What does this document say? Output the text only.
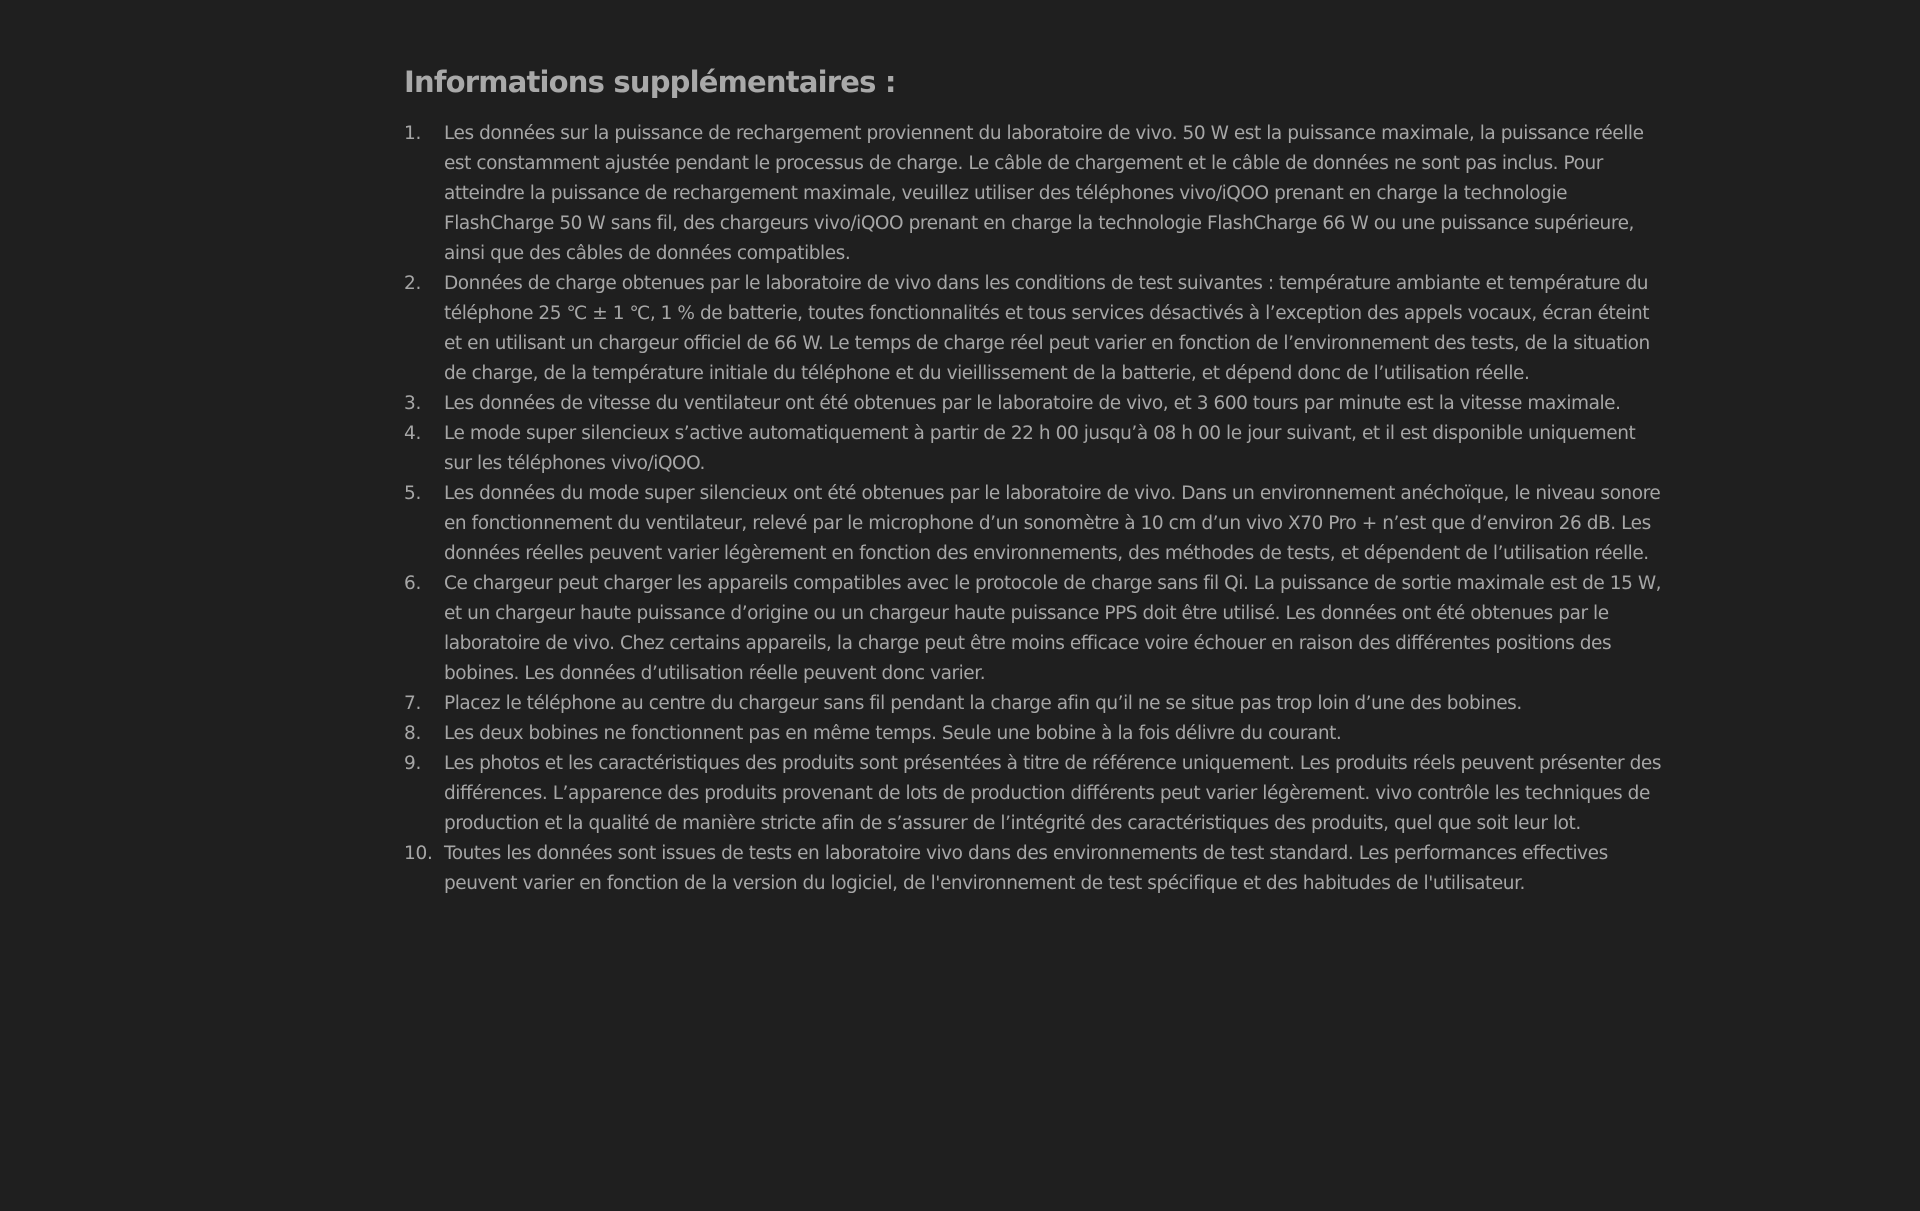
Informations supplémentaires :
1.	Les données sur la puissance de rechargement proviennent du laboratoire de vivo. 50 W est la puissance maximale, la puissance réelle est constamment ajustée pendant le processus de charge. Le câble de chargement et le câble de données ne sont pas inclus. Pour atteindre la puissance de rechargement maximale, veuillez utiliser des téléphones vivo/iQOO prenant en charge la technologie FlashCharge 50 W sans fil, des chargeurs vivo/iQOO prenant en charge la technologie FlashCharge 66 W ou une puissance supérieure, ainsi que des câbles de données compatibles.
2.	Données de charge obtenues par le laboratoire de vivo dans les conditions de test suivantes : température ambiante et température du téléphone 25 ℃ ± 1 ℃, 1 % de batterie, toutes fonctionnalités et tous services désactivés à l’exception des appels vocaux, écran éteint et en utilisant un chargeur officiel de 66 W. Le temps de charge réel peut varier en fonction de l’environnement des tests, de la situation de charge, de la température initiale du téléphone et du vieillissement de la batterie, et dépend donc de l’utilisation réelle.
3.	Les données de vitesse du ventilateur ont été obtenues par le laboratoire de vivo, et 3 600 tours par minute est la vitesse maximale.
4.	Le mode super silencieux s’active automatiquement à partir de 22 h 00 jusqu’à 08 h 00 le jour suivant, et il est disponible uniquement sur les téléphones vivo/iQOO.
5.	Les données du mode super silencieux ont été obtenues par le laboratoire de vivo. Dans un environnement anéchoïque, le niveau sonore en fonctionnement du ventilateur, relevé par le microphone d’un sonomètre à 10 cm d’un vivo X70 Pro + n’est que d’environ 26 dB. Les données réelles peuvent varier légèrement en fonction des environnements, des méthodes de tests, et dépendent de l’utilisation réelle.
6.	Ce chargeur peut charger les appareils compatibles avec le protocole de charge sans fil Qi. La puissance de sortie maximale est de 15 W, et un chargeur haute puissance d’origine ou un chargeur haute puissance PPS doit être utilisé. Les données ont été obtenues par le laboratoire de vivo. Chez certains appareils, la charge peut être moins efficace voire échouer en raison des différentes positions des bobines. Les données d’utilisation réelle peuvent donc varier.
7.	Placez le téléphone au centre du chargeur sans fil pendant la charge afin qu’il ne se situe pas trop loin d’une des bobines.
8.	Les deux bobines ne fonctionnent pas en même temps. Seule une bobine à la fois délivre du courant.
9.	Les photos et les caractéristiques des produits sont présentées à titre de référence uniquement. Les produits réels peuvent présenter des différences. L’apparence des produits provenant de lots de production différents peut varier légèrement. vivo contrôle les techniques de production et la qualité de manière stricte afin de s’assurer de l’intégrité des caractéristiques des produits, quel que soit leur lot.
10. Toutes les données sont issues de tests en laboratoire vivo dans des environnements de test standard. Les performances effectives peuvent varier en fonction de la version du logiciel, de l'environnement de test spécifique et des habitudes de l'utilisateur.
